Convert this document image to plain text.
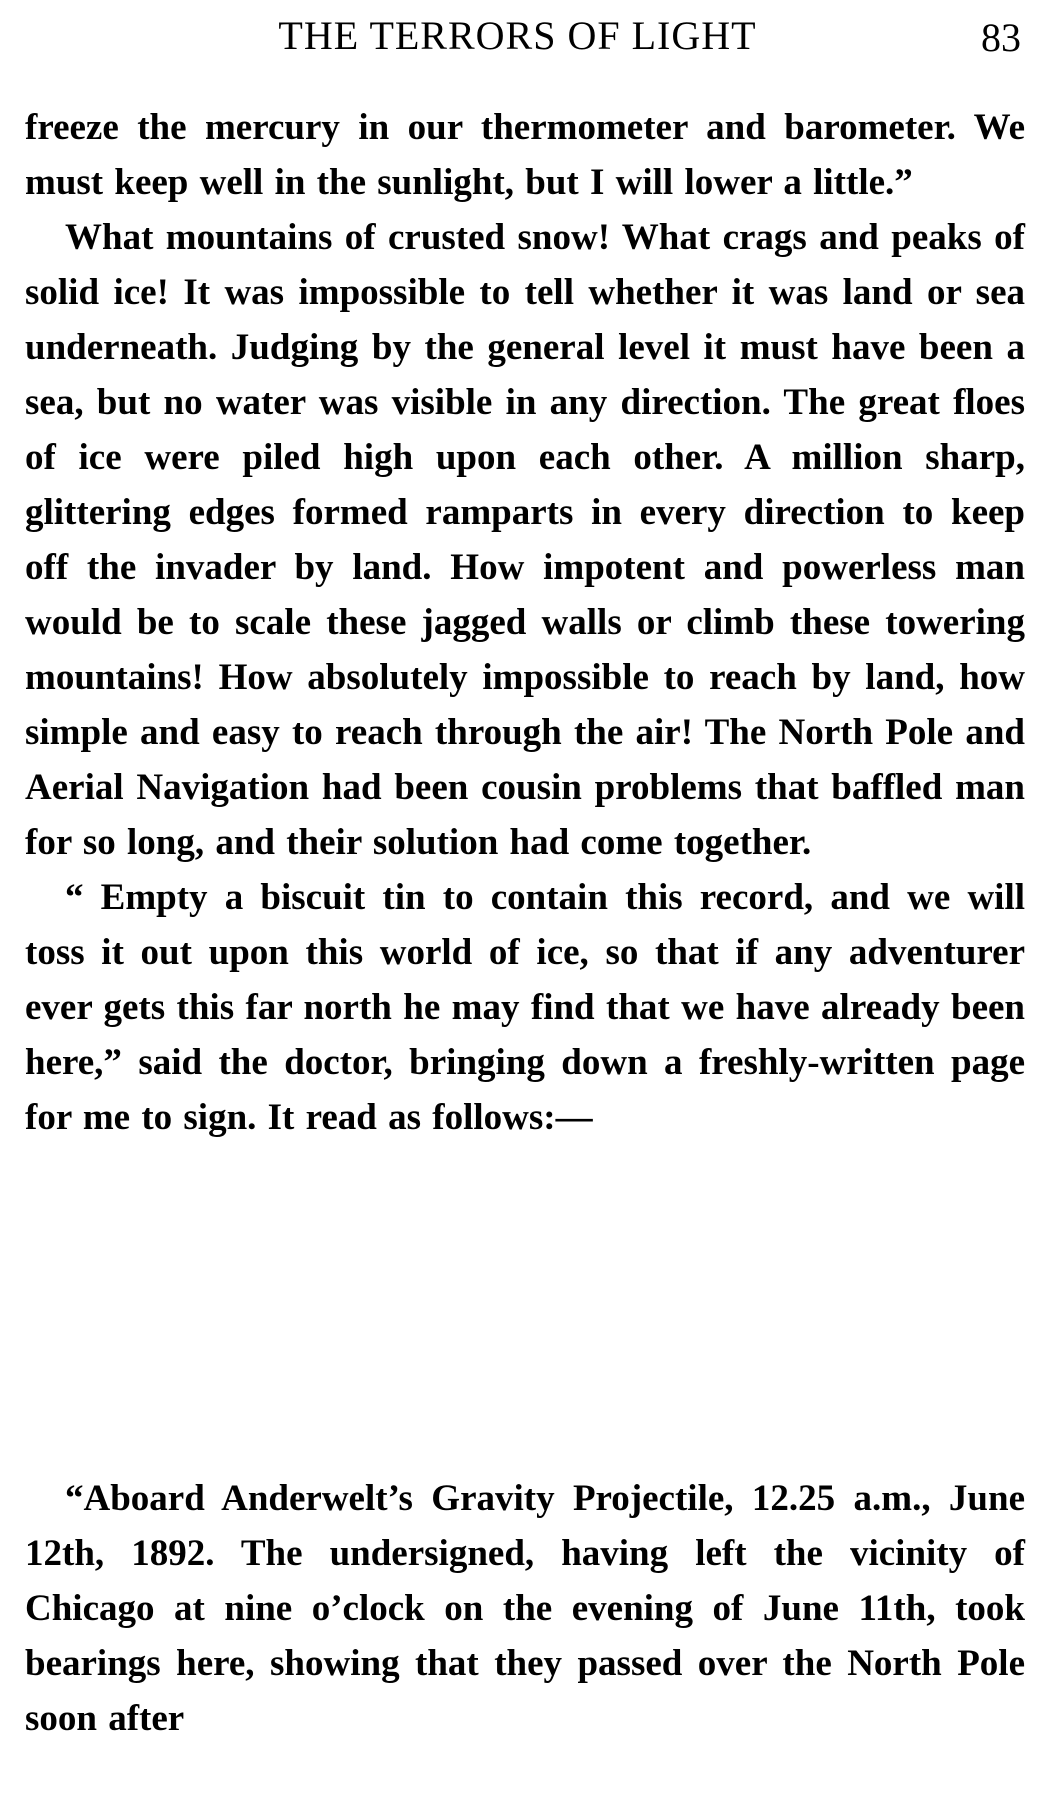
THE TERRORS OF LIGHT	83

freeze the mercury in our thermometer and barometer. We must keep well in the sunlight, but I will lower a little.”

What mountains of crusted snow! What crags and peaks of solid ice! It was impossible to tell whether it was land or sea underneath. Judging by the general level it must have been a sea, but no water was visible in any direction. The great floes of ice were piled high upon each other. A million sharp, glittering edges formed ramparts in every direction to keep off the invader by land. How impotent and powerless man would be to scale these jagged walls or climb these towering mountains! How absolutely impossible to reach by land, how simple and easy to reach through the air! The North Pole and Aerial Navigation had been cousin problems that baffled man for so long, and their solution had come together.

“ Empty a biscuit tin to contain this record, and we will toss it out upon this world of ice, so that if any adventurer ever gets this far north he may find that we have already been here,” said the doctor, bringing down a freshly-written page for me to sign. It read as follows:—

“Aboard Anderwelt’s Gravity Projectile, 12.25 a.m., June 12th, 1892. The undersigned, having left the vicinity of Chicago at nine o’clock on the evening of June 11th, took bearings here, showing that they passed over the North Pole soon after
